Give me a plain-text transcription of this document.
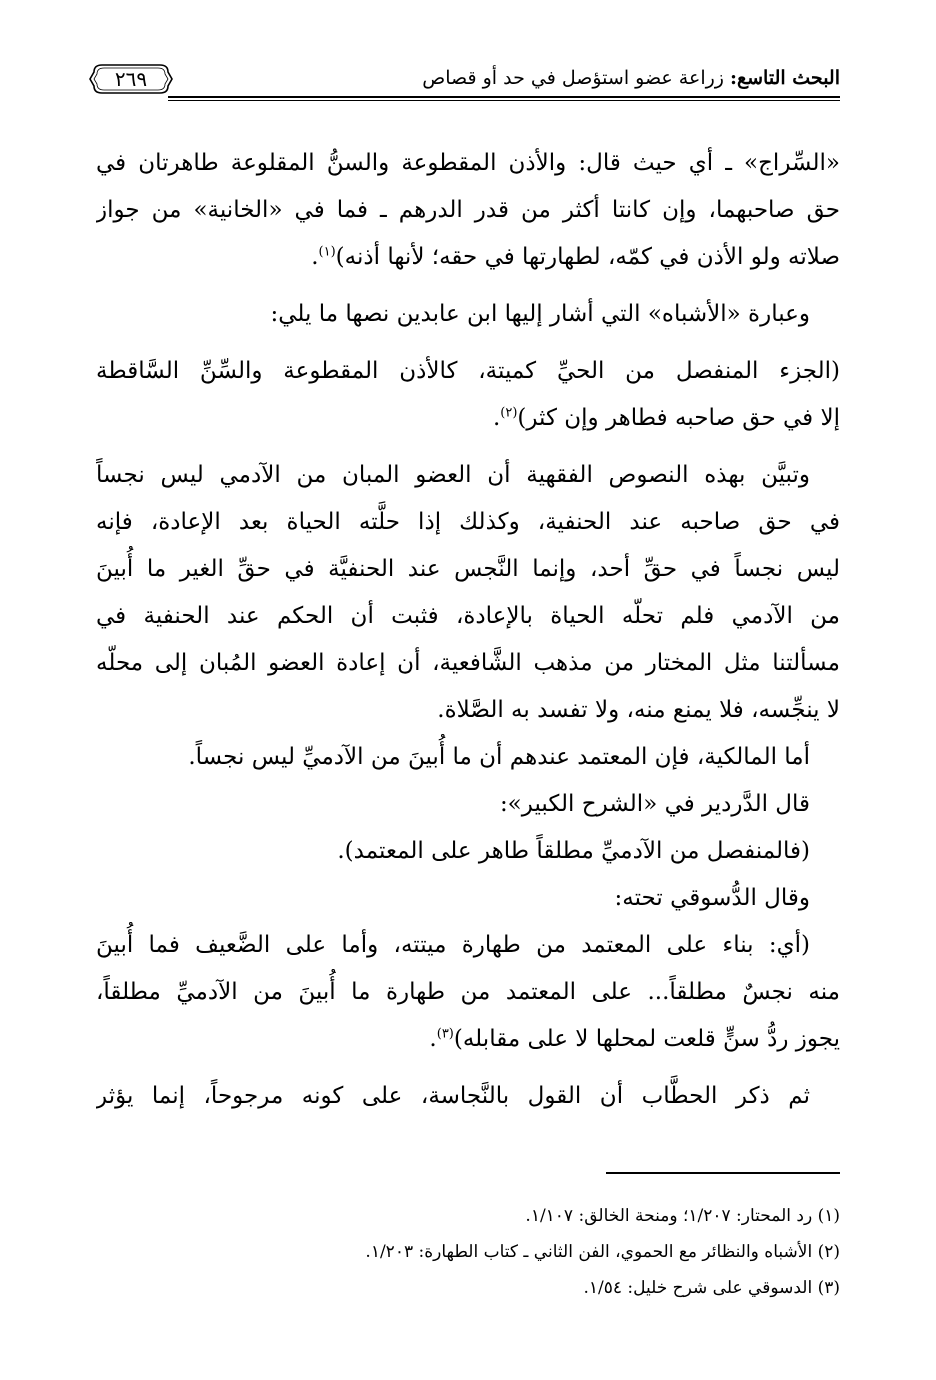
البحث التاسع: زراعة عضو استؤصل في حد أو قصاص
٢٦٩
«السِّراج» ـ أي حيث قال: والأذن المقطوعة والسنُّ المقلوعة طاهرتان في
حق صاحبهما، وإن كانتا أكثر من قدر الدرهم ـ فما في «الخانية» من جواز
صلاته ولو الأذن في كمّه، لطهارتها في حقه؛ لأنها أذنه)$^{(١)}$.
وعبارة «الأشباه» التي أشار إليها ابن عابدين نصها ما يلي:
(الجزء المنفصل من الحيِّ كميتة، كالأذن المقطوعة والسِّنِّ السَّاقطة
إلا في حق صاحبه فطاهر وإن كثر)$^{(٢)}$.
وتبيَّن بهذه النصوص الفقهية أن العضو المبان من الآدمي ليس نجساً
في حق صاحبه عند الحنفية، وكذلك إذا حلَّته الحياة بعد الإعادة، فإنه
ليس نجساً في حقِّ أحد، وإنما النَّجس عند الحنفيَّة في حقِّ الغير ما أُبينَ
من الآدمي فلم تحلّه الحياة بالإعادة، فثبت أن الحكم عند الحنفية في
مسألتنا مثل المختار من مذهب الشَّافعية، أن إعادة العضو المُبان إلى محلّه
لا ينجِّسه، فلا يمنع منه، ولا تفسد به الصَّلاة.
أما المالكية، فإن المعتمد عندهم أن ما أُبينَ من الآدميِّ ليس نجساً.
قال الدَّردير في «الشرح الكبير»:
(فالمنفصل من الآدميِّ مطلقاً طاهر على المعتمد).
وقال الدُّسوقي تحته:
(أي: بناء على المعتمد من طهارة ميتته، وأما على الضَّعيف فما أُبينَ
منه نجسٌ مطلقاً... على المعتمد من طهارة ما أُبينَ من الآدميِّ مطلقاً،
يجوز ردُّ سنٍّ قلعت لمحلها لا على مقابله)$^{(٣)}$.
ثم ذكر الحطَّاب أن القول بالنَّجاسة، على كونه مرجوحاً، إنما يؤثر
(١) رد المحتار: ١/٢٠٧؛ ومنحة الخالق: ١/١٠٧.
(٢) الأشباه والنظائر مع الحموي، الفن الثاني ـ كتاب الطهارة: ١/٢٠٣.
(٣) الدسوقي على شرح خليل: ١/٥٤.
